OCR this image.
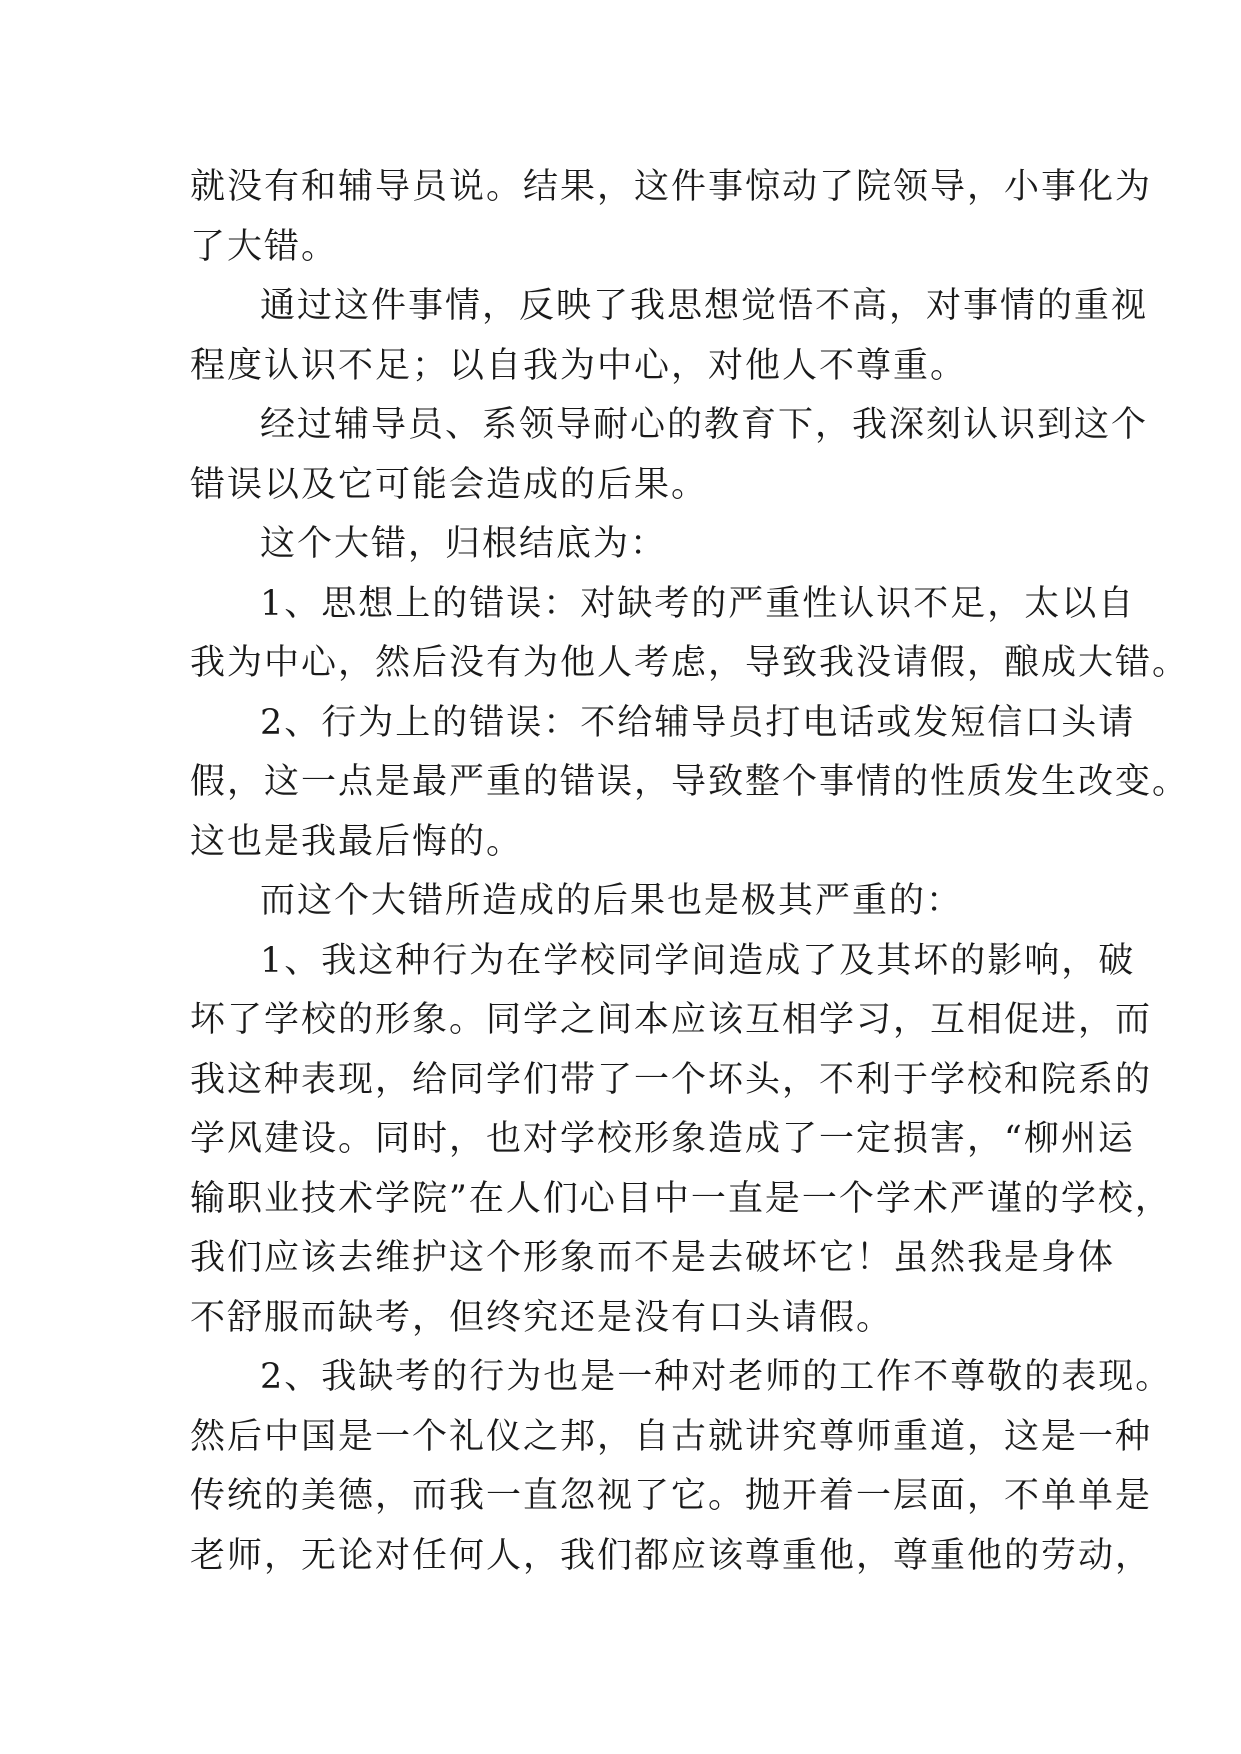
就没有和辅导员说。结果，这件事惊动了院领导，小事化为
了大错。
通过这件事情，反映了我思想觉悟不高，对事情的重视
程度认识不足；以自我为中心，对他人不尊重。
经过辅导员、系领导耐心的教育下，我深刻认识到这个
错误以及它可能会造成的后果。
这个大错，归根结底为：
1、思想上的错误：对缺考的严重性认识不足，太以自
我为中心，然后没有为他人考虑，导致我没请假，酿成大错。
2、行为上的错误：不给辅导员打电话或发短信口头请
假，这一点是最严重的错误，导致整个事情的性质发生改变。
这也是我最后悔的。
而这个大错所造成的后果也是极其严重的：
1、我这种行为在学校同学间造成了及其坏的影响，破
坏了学校的形象。同学之间本应该互相学习，互相促进，而
我这种表现，给同学们带了一个坏头，不利于学校和院系的
学风建设。同时，也对学校形象造成了一定损害，“柳州运
输职业技术学院”在人们心目中一直是一个学术严谨的学校，
我们应该去维护这个形象而不是去破坏它！虽然我是身体
不舒服而缺考，但终究还是没有口头请假。
2、我缺考的行为也是一种对老师的工作不尊敬的表现。
然后中国是一个礼仪之邦，自古就讲究尊师重道，这是一种
传统的美德，而我一直忽视了它。抛开着一层面，不单单是
老师，无论对任何人，我们都应该尊重他，尊重他的劳动，
